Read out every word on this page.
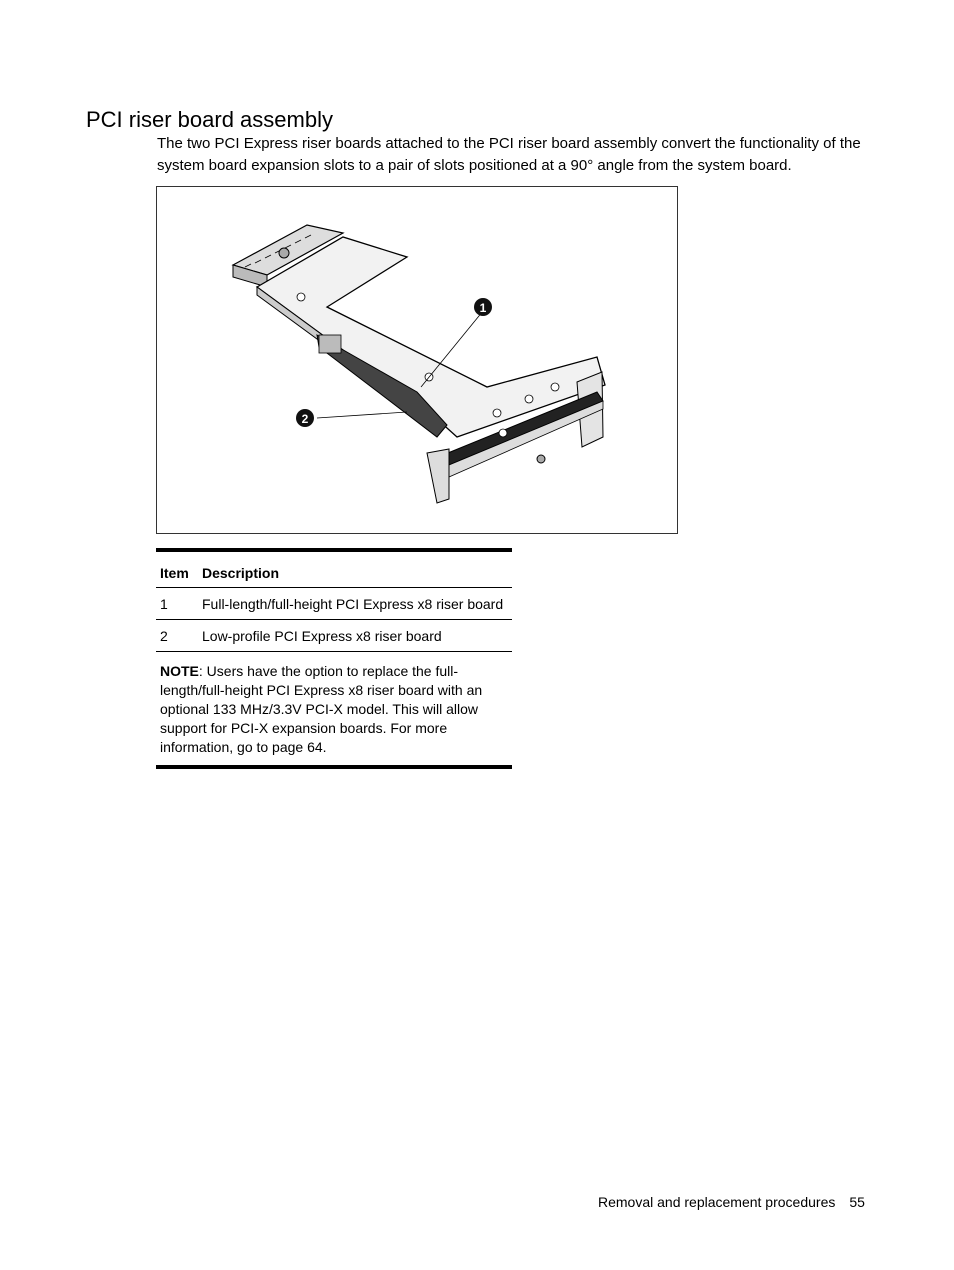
PCI riser board assembly

The two PCI Express riser boards attached to the PCI riser board assembly convert the functionality of the system board expansion slots to a pair of slots positioned at a 90° angle from the system board.

1
2
Item	Description
1	Full-length/full-height PCI Express x8 riser board
2	Low-profile PCI Express x8 riser board
NOTE: Users have the option to replace the full-length/full-height PCI Express x8 riser board with an optional 133 MHz/3.3V PCI-X model. This will allow support for PCI-X expansion boards. For more information, go to page 64.
Removal and replacement procedures 55
